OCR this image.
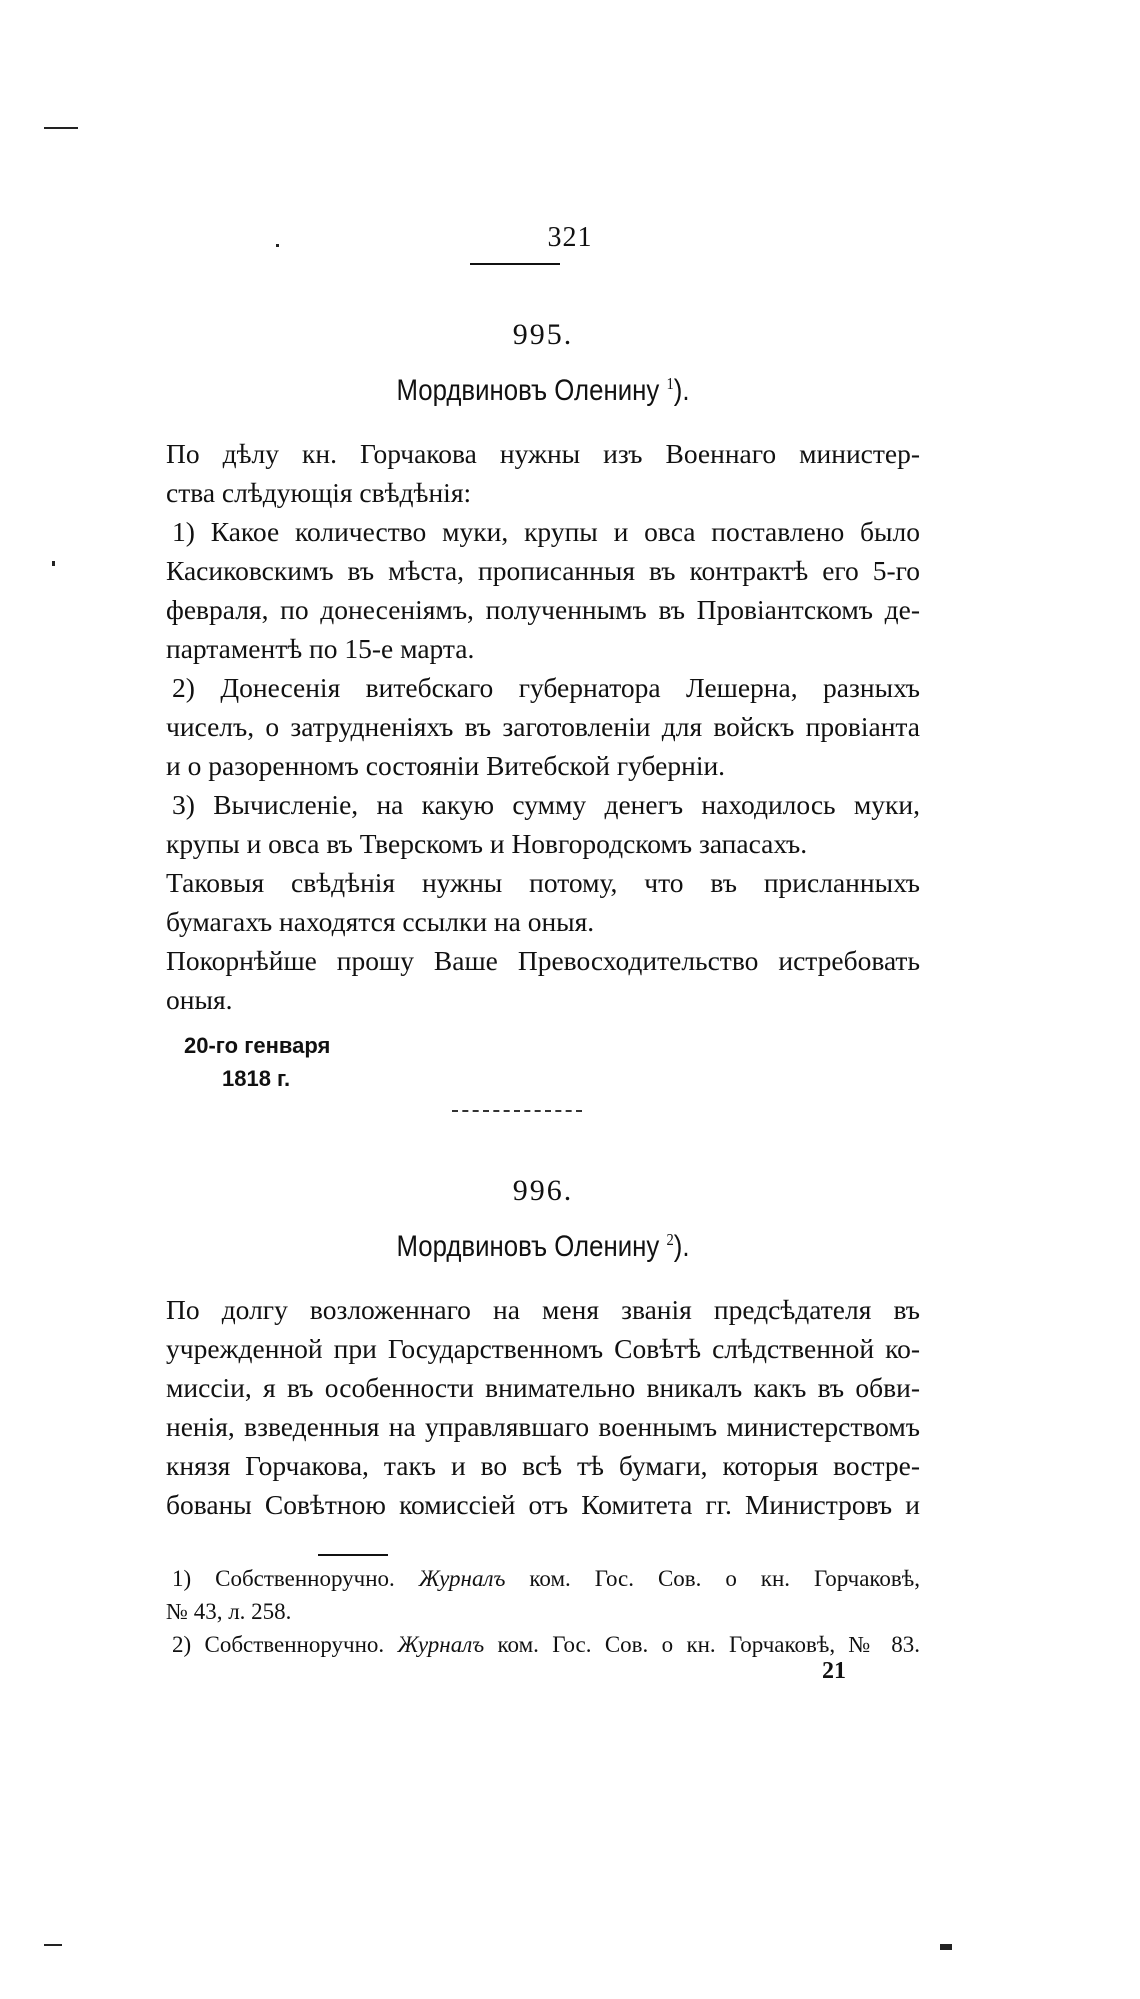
321

995.

Мордвиновъ Оленину $^1$).

По дѣлу кн. Горчакова нужны изъ Военнаго министер-
ства слѣдующія свѣдѣнія:

1) Какое количество муки, крупы и овса поставлено было
Касиковскимъ въ мѣста, прописанныя въ контрактѣ его 5-го
февраля, по донесеніямъ, полученнымъ въ Провіантскомъ де-
партаментѣ по 15-е марта.

2) Донесенія витебскаго губернатора Лешерна, разныхъ
чиселъ, о затрудненіяхъ въ заготовленіи для войскъ провіанта
и о разоренномъ состояніи Витебской губерніи.

3) Вычисленіе, на какую сумму денегъ находилось муки,
крупы и овса въ Тверскомъ и Новгородскомъ запасахъ.

Таковыя свѣдѣнія нужны потому, что въ присланныхъ
бумагахъ находятся ссылки на оныя.

Покорнѣйше прошу Ваше Превосходительство истребовать
оныя.

20-го генваря
1818 г.

996.

Мордвиновъ Оленину $^2$).

По долгу возложеннаго на меня званія предсѣдателя въ
учрежденной при Государственномъ Совѣтѣ слѣдственной ко-
миссіи, я въ особенности внимательно вникалъ какъ въ обви-
ненія, взведенныя на управлявшаго военнымъ министерствомъ
князя Горчакова, такъ и во всѣ тѣ бумаги, которыя востре-
бованы Совѣтною комиссіей отъ Комитета гг. Министровъ и

1) Собственноручно. Журналъ ком. Гос. Сов. о кн. Горчаковѣ,
№ 43, л. 258.
2) Собственноручно. Журналъ ком. Гос. Сов. о кн. Горчаковѣ, № 83.
21
